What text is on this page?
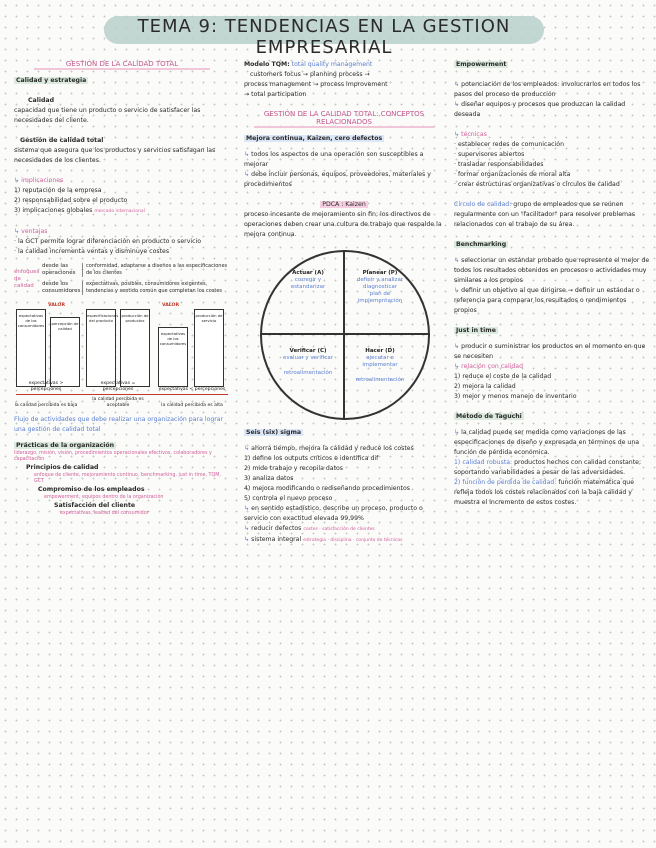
TEMA 9: TENDENCIAS EN LA GESTION EMPRESARIAL
GESTIÓN DE LA CALIDAD TOTAL

Calidad y estrategia

Calidad

capacidad que tiene un producto o servicio de satisfacer las necesidades del cliente.

Gestión de calidad total

sistema que asegura que los productos y servicios satisfagan las necesidades de los clientes.

↳ implicaciones

1) reputación de la empresa

2) responsabilidad sobre el producto

3) implicaciones globales mercado internacional

↳ ventajas

· la GCT permite lograr diferenciación en producto o servicio

· la calidad incrementa ventas y disminuye costes

enfoques de calidad
desde las operaciones
conformidad, adaptarse a diseños a las especificaciones de los clientes
desde los consumidores
expectativas, posibles, consumidores exigentes, tendencias y sentido común que completan los costes
expectativas de los consumidores	percepción de calidad
especificaciones del producto
producción de productos
expectativas de los consumidores
producción de servicio
VALOR	VALOR
expectativas > percepciones
expectativas = percepciones	expectativas < percepciones
la calidad percibida es baja
la calidad percibida es aceptable	la calidad percibida es alta

Flujo de actividades que debe realizar una organización para lograr una gestión de calidad total

Prácticas de la organización

liderazgo, misión, visión, procedimientos operacionales efectivos, colaboradores y capacitación

Principios de calidad

enfoque de cliente, mejoramiento continuo, benchmarking, just in time, TQM, GCT

Compromiso de los empleados

empowerment, equipos dentro de la organización

Satisfacción del cliente

expectativas, lealtad del consumidor

Modelo TQM: total quality management

customers focus → planning process →

process management → process improvement

→ total participation

GESTIÓN DE LA CALIDAD TOTAL: CONCEPTOS RELACIONADOS

Mejora continua, Kaizen, cero defectos

↳ todos los aspectos de una operación son susceptibles a mejorar

↳ debe incluir personas, equipos, proveedores, materiales y procedimientos

PDCA : Kaizen

proceso incesante de mejoramiento sin fin; los directivos de operaciones deben crear una cultura de trabajo que respalde la mejora continua.

Actuar (A)
corregir y estandarizar
Planear (P)
definir y analizar
diagnosticar
plan de implementación
Verificar (C)
evaluar y verificar
retroalimentación
Hacer (D)
ejecutar e implementar
retroalimentación

Seis (six) sigma

↳ ahorra tiempo, mejora la calidad y reduce los costes

1) define los outputs críticos e identifica dif

2) mide trabajo y recopila datos

3) analiza datos

4) mejora modificando o rediseñando procedimientos

5) controla el nuevo proceso

↳ en sentido estadístico, describe un proceso, producto o servicio con exactitud elevada 99,99%

↳ reducir defectos costes · satisfacción de clientes

↳ sistema integral estrategia · disciplina · conjunto de técnicas

Empowerment

↳ potenciación de los empleados: involucrarlos en todos los pasos del proceso de producción

↳ diseñar equipos y procesos que produzcan la calidad deseada

↳ técnicas

· establecer redes de comunicación

· supervisores abiertos

· trasladar responsabilidades

· formar organizaciones de moral alta

· crear estructuras organizativas o círculos de calidad

Círculo de calidad: grupo de empleados que se reúnen regularmente con un "facilitador" para resolver problemas relacionados con el trabajo de su área.

Benchmarking

↳ seleccionar un estándar probado que represente el mejor de todos los resultados obtenidos en procesos o actividades muy similares a los propios

↳ definir un objetivo al que dirigirse → definir un estándar o referencia para comparar los resultados o rendimientos propios

Just in time

↳ producir o suministrar los productos en el momento en que se necesiten

↳ relación con calidad

1) reduce el coste de la calidad

2) mejora la calidad

3) mejor y menos manejo de inventario

Método de Taguchi

↳ la calidad puede ser medida como variaciones de las especificaciones de diseño y expresada en términos de una función de pérdida económica.

1) calidad robusta: productos hechos con calidad constante; soportando variabilidades a pesar de las adversidades.

2) función de pérdida de calidad: función matemática que refleja todos los costes relacionados con la baja calidad y muestra el incremento de estos costes.
